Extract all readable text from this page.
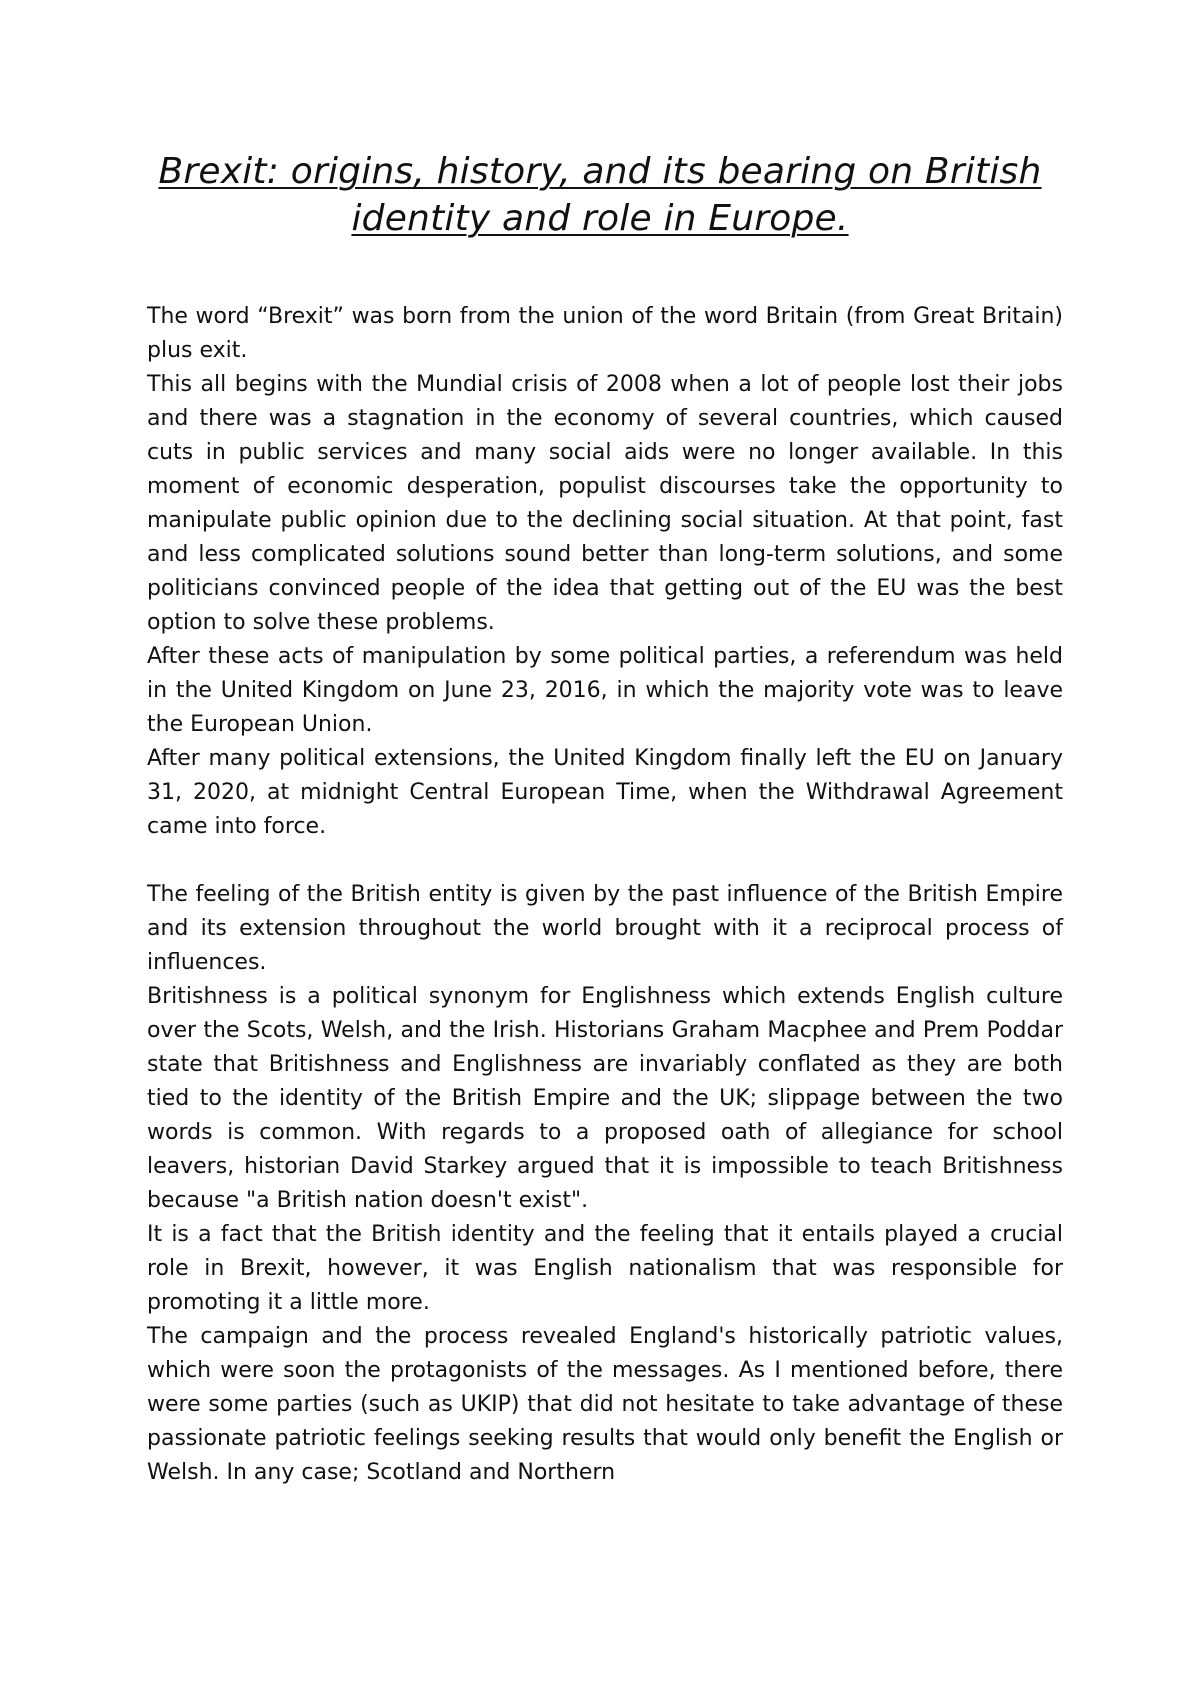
Brexit: origins, history, and its bearing on British identity and role in Europe.

The word “Brexit” was born from the union of the word Britain (from Great Britain) plus exit.

This all begins with the Mundial crisis of 2008 when a lot of people lost their jobs and there was a stagnation in the economy of several countries, which caused cuts in public services and many social aids were no longer available. In this moment of economic desperation, populist discourses take the opportunity to manipulate public opinion due to the declining social situation. At that point, fast and less complicated solutions sound better than long-term solutions, and some politicians convinced people of the idea that getting out of the EU was the best option to solve these problems.

After these acts of manipulation by some political parties, a referendum was held in the United Kingdom on June 23, 2016, in which the majority vote was to leave the European Union.

After many political extensions, the United Kingdom finally left the EU on January 31, 2020, at midnight Central European Time, when the Withdrawal Agreement came into force.

The feeling of the British entity is given by the past influence of the British Empire and its extension throughout the world brought with it a reciprocal process of influences.

Britishness is a political synonym for Englishness which extends English culture over the Scots, Welsh, and the Irish. Historians Graham Macphee and Prem Poddar state that Britishness and Englishness are invariably conflated as they are both tied to the identity of the British Empire and the UK; slippage between the two words is common. With regards to a proposed oath of allegiance for school leavers, historian David Starkey argued that it is impossible to teach Britishness because "a British nation doesn't exist".

It is a fact that the British identity and the feeling that it entails played a crucial role in Brexit, however, it was English nationalism that was responsible for promoting it a little more.

The campaign and the process revealed England's historically patriotic values, which were soon the protagonists of the messages. As I mentioned before, there were some parties (such as UKIP) that did not hesitate to take advantage of these passionate patriotic feelings seeking results that would only benefit the English or Welsh. In any case; Scotland and Northern
